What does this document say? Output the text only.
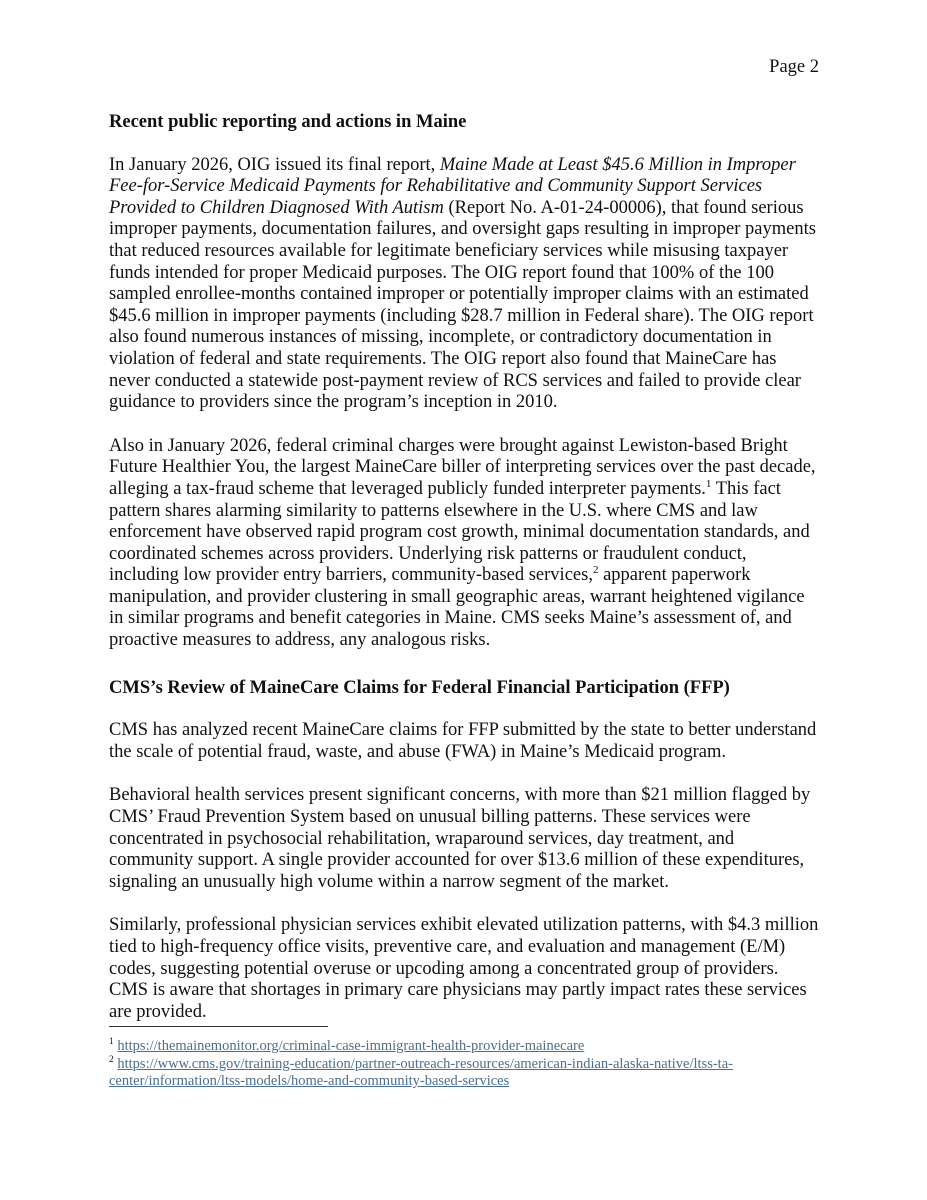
Page 2

Recent public reporting and actions in Maine

In January 2026, OIG issued its final report, Maine Made at Least $45.6 Million in Improper Fee-for-Service Medicaid Payments for Rehabilitative and Community Support Services Provided to Children Diagnosed With Autism (Report No. A-01-24-00006), that found serious improper payments, documentation failures, and oversight gaps resulting in improper payments that reduced resources available for legitimate beneficiary services while misusing taxpayer funds intended for proper Medicaid purposes. The OIG report found that 100% of the 100 sampled enrollee-months contained improper or potentially improper claims with an estimated $45.6 million in improper payments (including $28.7 million in Federal share). The OIG report also found numerous instances of missing, incomplete, or contradictory documentation in violation of federal and state requirements. The OIG report also found that MaineCare has never conducted a statewide post-payment review of RCS services and failed to provide clear guidance to providers since the program’s inception in 2010.

Also in January 2026, federal criminal charges were brought against Lewiston-based Bright Future Healthier You, the largest MaineCare biller of interpreting services over the past decade, alleging a tax-fraud scheme that leveraged publicly funded interpreter payments.$^1$ This fact pattern shares alarming similarity to patterns elsewhere in the U.S. where CMS and law enforcement have observed rapid program cost growth, minimal documentation standards, and coordinated schemes across providers. Underlying risk patterns or fraudulent conduct, including low provider entry barriers, community-based services,$^2$ apparent paperwork manipulation, and provider clustering in small geographic areas, warrant heightened vigilance in similar programs and benefit categories in Maine. CMS seeks Maine’s assessment of, and proactive measures to address, any analogous risks.

CMS’s Review of MaineCare Claims for Federal Financial Participation (FFP)

CMS has analyzed recent MaineCare claims for FFP submitted by the state to better understand the scale of potential fraud, waste, and abuse (FWA) in Maine’s Medicaid program.

Behavioral health services present significant concerns, with more than $21 million flagged by CMS’ Fraud Prevention System based on unusual billing patterns. These services were concentrated in psychosocial rehabilitation, wraparound services, day treatment, and community support. A single provider accounted for over $13.6 million of these expenditures, signaling an unusually high volume within a narrow segment of the market.

Similarly, professional physician services exhibit elevated utilization patterns, with $4.3 million tied to high-frequency office visits, preventive care, and evaluation and management (E/M) codes, suggesting potential overuse or upcoding among a concentrated group of providers. CMS is aware that shortages in primary care physicians may partly impact rates these services are provided.

$^1$ https://themainemonitor.org/criminal-case-immigrant-health-provider-mainecare

$^2$ https://www.cms.gov/training-education/partner-outreach-resources/american-indian-alaska-native/ltss-ta-center/information/ltss-models/home-and-community-based-services
